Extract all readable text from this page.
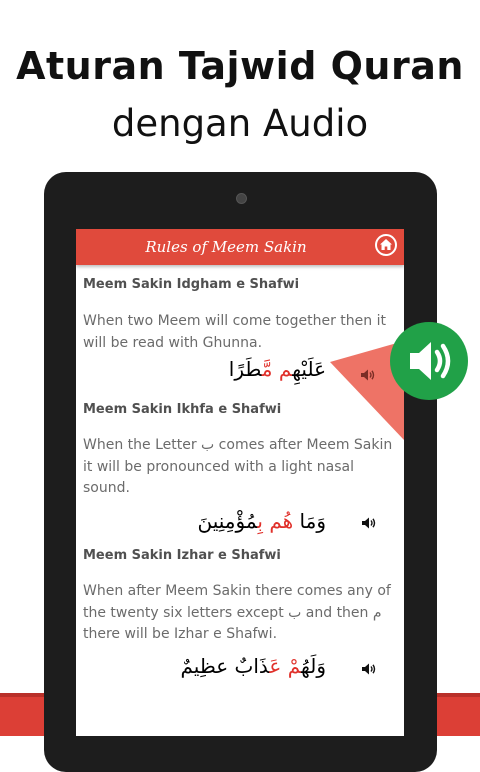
Aturan Tajwid Quran
dengan Audio
Rules of Meem Sakin
Meem Sakin Idgham e Shafwi
When two Meem will come together then it will be read with Ghunna.
عَلَيْهِم مَّطَرًا
Meem Sakin Ikhfa e Shafwi
When the Letter ب comes after Meem Sakin it will be pronounced with a light nasal sound.
وَمَا هُم بِمُؤْمِنِينَ
Meem Sakin Izhar e Shafwi
When after Meem Sakin there comes any of the twenty six letters except ب and then م there will be Izhar e Shafwi.
وَلَهُمْ عَذَابٌ عظِيمٌ
